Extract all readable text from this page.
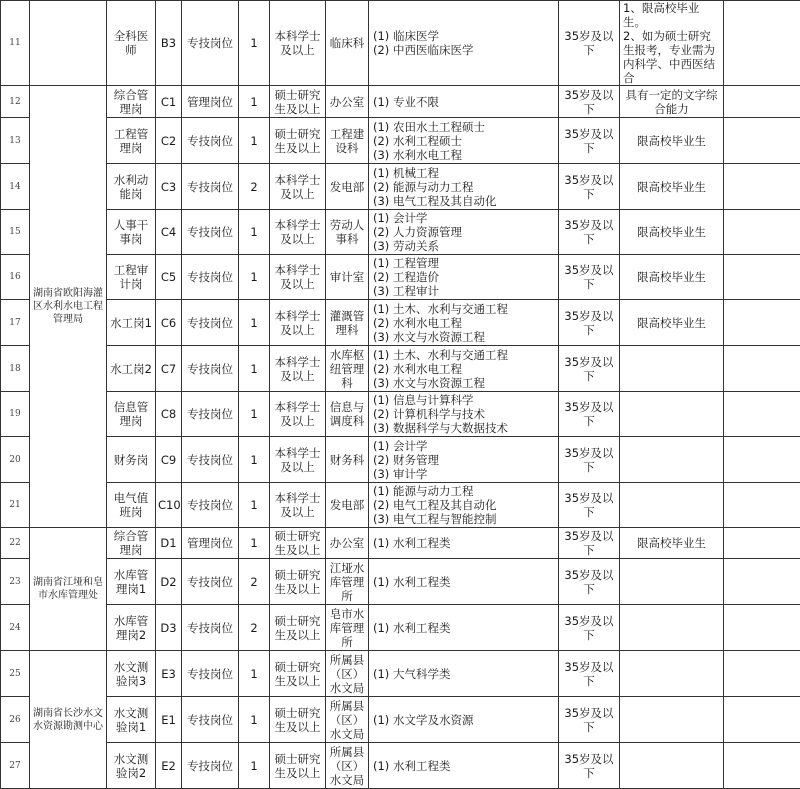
11		全科医师	B3	专技岗位	1	本科学士及以上	临床科	(1) 临床医学
(2) 中西医临床医学	35岁及以下	1、限高校毕业生。
2、如为硕士研究生报考，专业需为内科学、中西医结合	

12	湖南省欧阳海灌区水利水电工程管理局	综合管理岗	C1	管理岗位	1	硕士研究生及以上	办公室	(1) 专业不限	35岁及以下	具有一定的文字综合能力	
13		工程管理岗	C2	专技岗位	1	硕士研究生及以上	工程建设科	(1) 农田水土工程硕士
(2) 水利工程硕士
(3) 水利水电工程	35岁及以下	限高校毕业生	
14		水利动能岗	C3	专技岗位	2	本科学士及以上	发电部	(1) 机械工程
(2) 能源与动力工程
(3) 电气工程及其自动化	35岁及以下	限高校毕业生	
15		人事干事岗	C4	专技岗位	1	本科学士及以上	劳动人事科	(1) 会计学
(2) 人力资源管理
(3) 劳动关系	35岁及以下	限高校毕业生	
16		工程审计岗	C5	专技岗位	1	本科学士及以上	审计室	(1) 工程管理
(2) 工程造价
(3) 工程审计	35岁及以下	限高校毕业生	
17		水工岗1	C6	专技岗位	1	本科学士及以上	灌溉管理科	(1) 土木、水利与交通工程
(2) 水利水电工程
(3) 水文与水资源工程	35岁及以下	限高校毕业生	
18		水工岗2	C7	专技岗位	1	本科学士及以上	水库枢纽管理科	(1) 土木、水利与交通工程
(2) 水利水电工程
(3) 水文与水资源工程	35岁及以下		
19		信息管理岗	C8	专技岗位	1	本科学士及以上	信息与调度科	(1) 信息与计算科学
(2) 计算机科学与技术
(3) 数据科学与大数据技术	35岁及以下		
20		财务岗	C9	专技岗位	1	本科学士及以上	财务科	(1) 会计学
(2) 财务管理
(3) 审计学	35岁及以下		
21		电气值班岗	C10	专技岗位	1	本科学士及以上	发电部	(1) 能源与动力工程
(2) 电气工程及其自动化
(3) 电气工程与智能控制	35岁及以下		
22	湖南省江垭和皂市水库管理处	综合管理岗	D1	管理岗位	1	硕士研究生及以上	办公室	(1) 水利工程类	35岁及以下	限高校毕业生	
23		水库管理岗1	D2	专技岗位	2	硕士研究生及以上	江垭水库管理所	(1) 水利工程类	35岁及以下		
24		水库管理岗2	D3	专技岗位	2	硕士研究生及以上	皂市水库管理所	(1) 水利工程类	35岁及以下		
25	湖南省长沙水文水资源勘测中心	水文测验岗3	E3	专技岗位	1	硕士研究生及以上	所属县（区）水文局	(1) 大气科学类	35岁及以下		
26		水文测验岗1	E1	专技岗位	1	硕士研究生及以上	所属县（区）水文局	(1) 水文学及水资源	35岁及以下		
27		水文测验岗2	E2	专技岗位	1	硕士研究生及以上	所属县（区）水文局	(1) 水利工程类	35岁及以下		
